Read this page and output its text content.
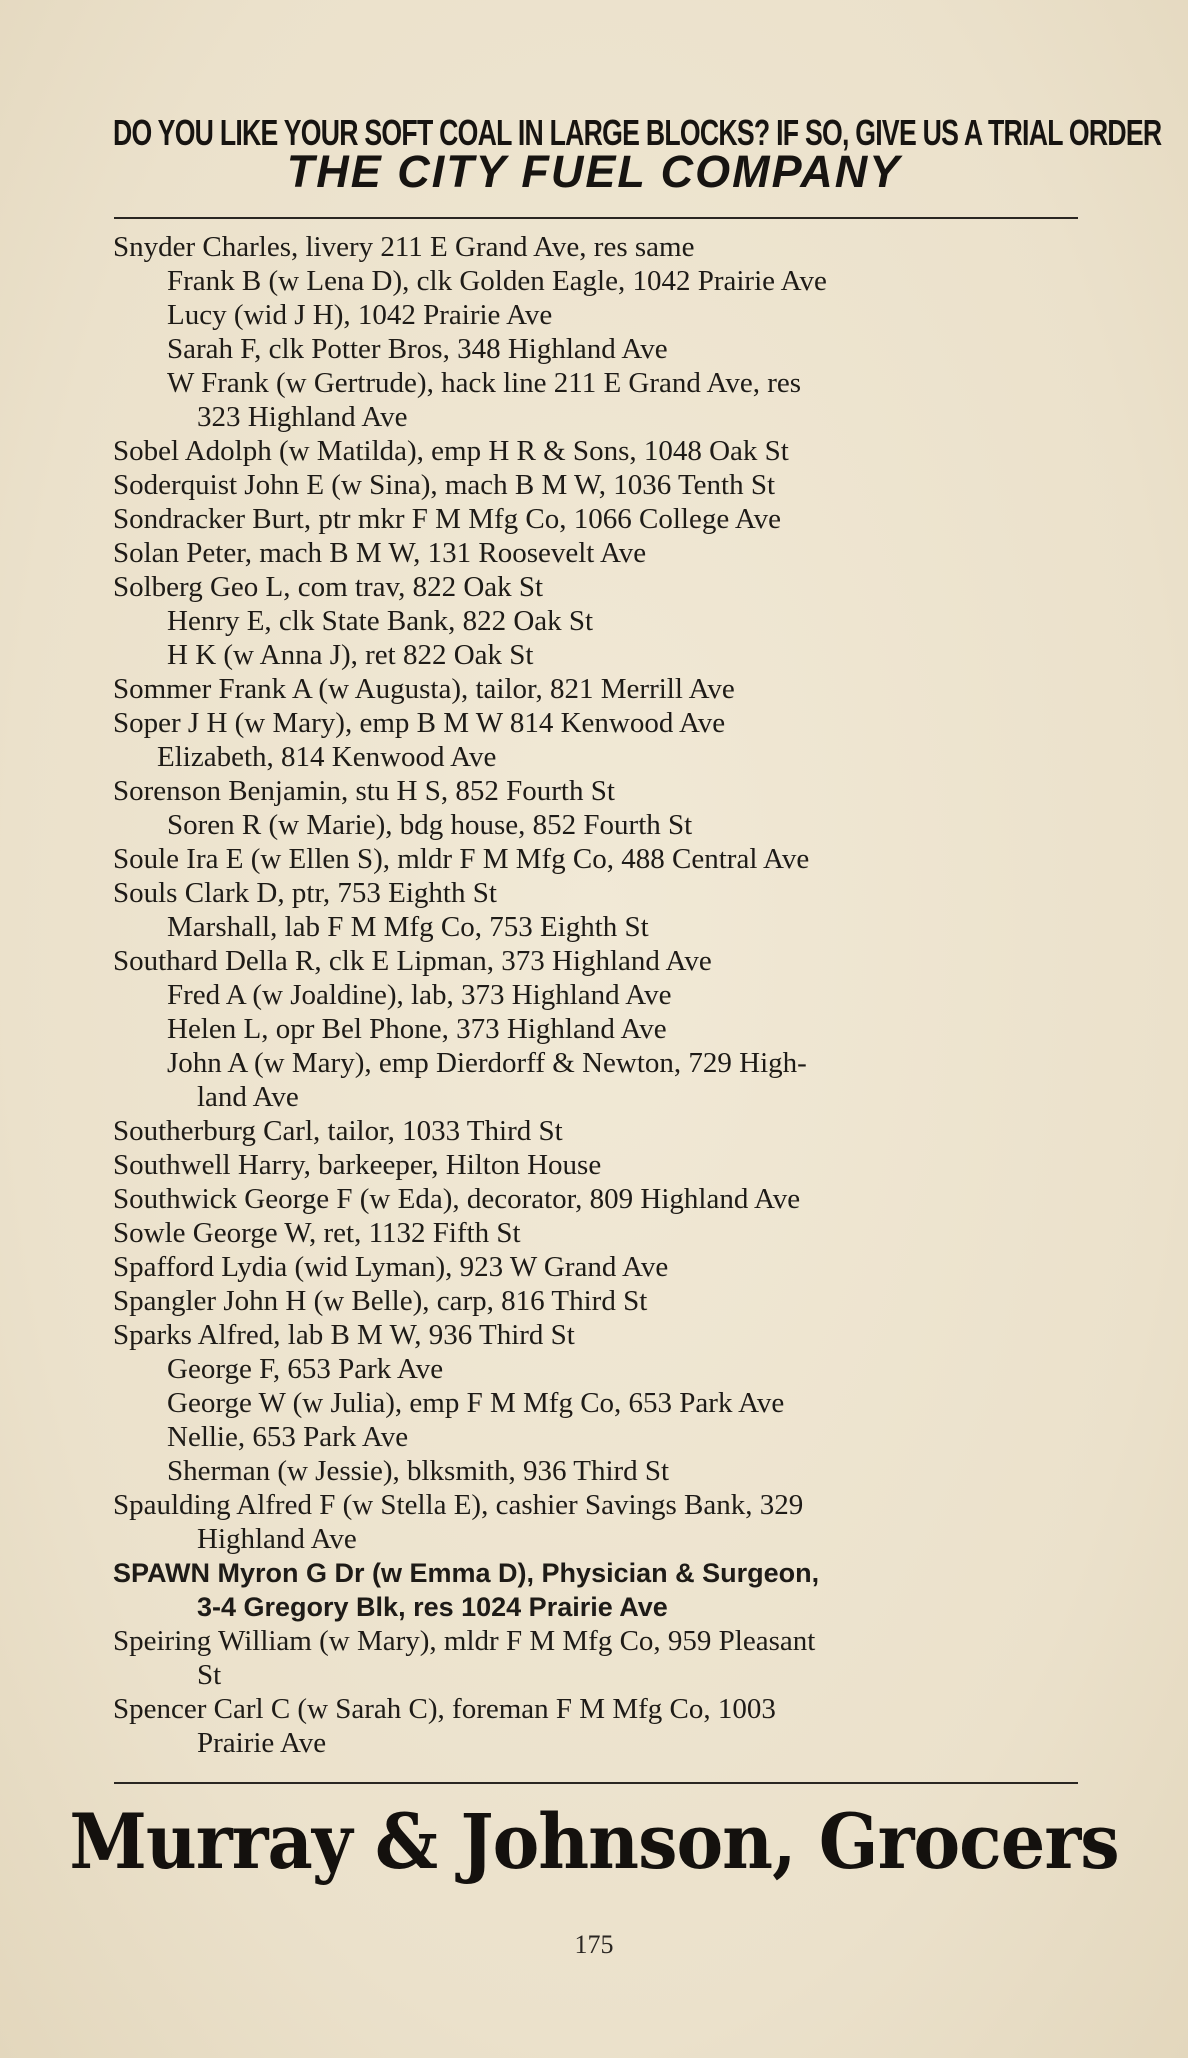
DO YOU LIKE YOUR SOFT COAL IN LARGE BLOCKS? IF SO, GIVE US A TRIAL ORDER
THE CITY FUEL COMPANY
Snyder Charles, livery 211 E Grand Ave, res same
Frank B (w Lena D), clk Golden Eagle, 1042 Prairie Ave
Lucy (wid J H), 1042 Prairie Ave
Sarah F, clk Potter Bros, 348 Highland Ave
W Frank (w Gertrude), hack line 211 E Grand Ave, res
323 Highland Ave
Sobel Adolph (w Matilda), emp H R & Sons, 1048 Oak St
Soderquist John E (w Sina), mach B M W, 1036 Tenth St
Sondracker Burt, ptr mkr F M Mfg Co, 1066 College Ave
Solan Peter, mach B M W, 131 Roosevelt Ave
Solberg Geo L, com trav, 822 Oak St
Henry E, clk State Bank, 822 Oak St
H K (w Anna J), ret 822 Oak St
Sommer Frank A (w Augusta), tailor, 821 Merrill Ave
Soper J H (w Mary), emp B M W 814 Kenwood Ave
Elizabeth, 814 Kenwood Ave
Sorenson Benjamin, stu H S, 852 Fourth St
Soren R (w Marie), bdg house, 852 Fourth St
Soule Ira E (w Ellen S), mldr F M Mfg Co, 488 Central Ave
Souls Clark D, ptr, 753 Eighth St
Marshall, lab F M Mfg Co, 753 Eighth St
Southard Della R, clk E Lipman, 373 Highland Ave
Fred A (w Joaldine), lab, 373 Highland Ave
Helen L, opr Bel Phone, 373 Highland Ave
John A (w Mary), emp Dierdorff & Newton, 729 High-
land Ave
Southerburg Carl, tailor, 1033 Third St
Southwell Harry, barkeeper, Hilton House
Southwick George F (w Eda), decorator, 809 Highland Ave
Sowle George W, ret, 1132 Fifth St
Spafford Lydia (wid Lyman), 923 W Grand Ave
Spangler John H (w Belle), carp, 816 Third St
Sparks Alfred, lab B M W, 936 Third St
George F, 653 Park Ave
George W (w Julia), emp F M Mfg Co, 653 Park Ave
Nellie, 653 Park Ave
Sherman (w Jessie), blksmith, 936 Third St
Spaulding Alfred F (w Stella E), cashier Savings Bank, 329
Highland Ave
SPAWN Myron G Dr (w Emma D), Physician & Surgeon,
3-4 Gregory Blk, res 1024 Prairie Ave
Speiring William (w Mary), mldr F M Mfg Co, 959 Pleasant
St
Spencer Carl C (w Sarah C), foreman F M Mfg Co, 1003
Prairie Ave
Murray & Johnson, Grocers
175
